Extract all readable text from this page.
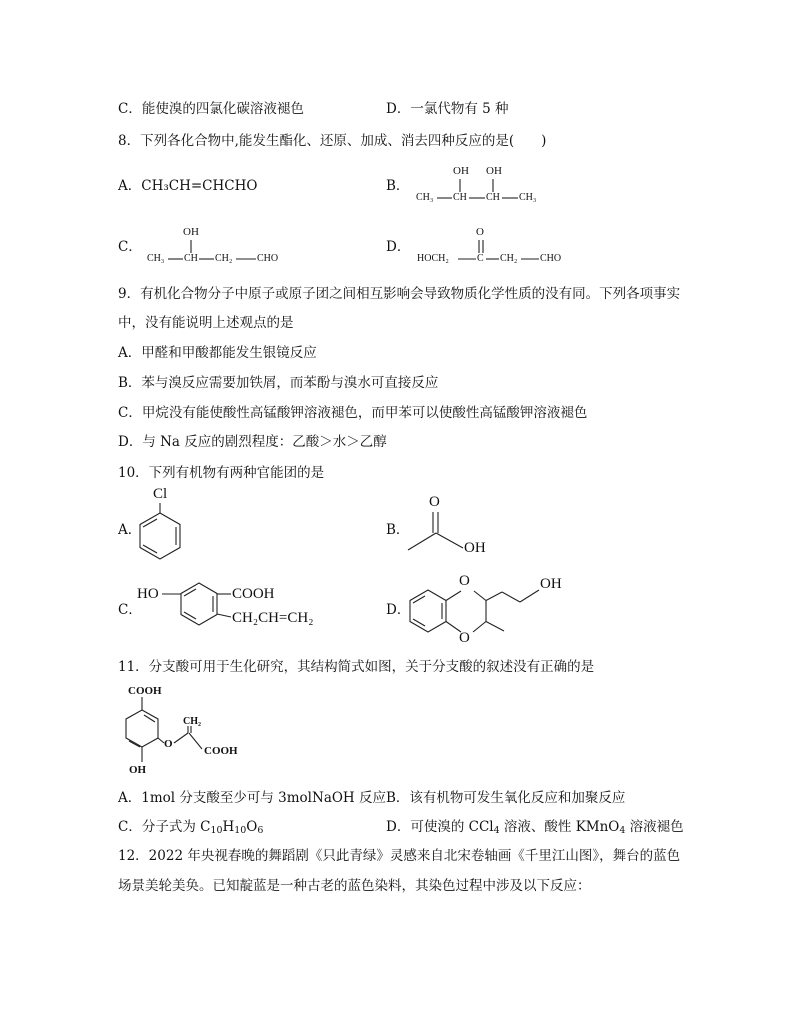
C．能使溴的四氯化碳溶液褪色	D．一氯代物有 5 种
8．下列各化合物中,能发生酯化、还原、加成、消去四种反应的是(　　)
A．CH₃CH=CHCHO	B．
OH OH
CH₃ CH CH CH₃
C．
OH
CH₃ CH CH₂ CHO
D．
O
HOCH₂	C CH₂ CHO
9．有机化合物分子中原子或原子团之间相互影响会导致物质化学性质的没有同。下列各项事实
中，没有能说明上述观点的是
A．甲醛和甲酸都能发生银镜反应
B．苯与溴反应需要加铁屑，而苯酚与溴水可直接反应
C．甲烷没有能使酸性高锰酸钾溶液褪色，而甲苯可以使酸性高锰酸钾溶液褪色
D．与 Na 反应的剧烈程度：乙酸＞水＞乙醇
10．下列有机物有两种官能团的是
A．
Cl
B．
O
OH
C．
HO	COOH
CH₂CH=CH₂	D．
O
O
OH
11．分支酸可用于生化研究，其结构简式如图，关于分支酸的叙述没有正确的是
COOH
CH₂
O
COOH
OH
A．1mol 分支酸至少可与 3molNaOH 反应 B．该有机物可发生氧化反应和加聚反应
C．分子式为 $C_{10}H_{10}O_6$	D．可使溴的 CCl$_4$ 溶液、酸性 KMnO$_4$ 溶液褪色
12．2022 年央视春晚的舞蹈剧《只此青绿》灵感来自北宋卷轴画《千里江山图》，舞台的蓝色
场景美轮美奂。已知靛蓝是一种古老的蓝色染料，其染色过程中涉及以下反应：
